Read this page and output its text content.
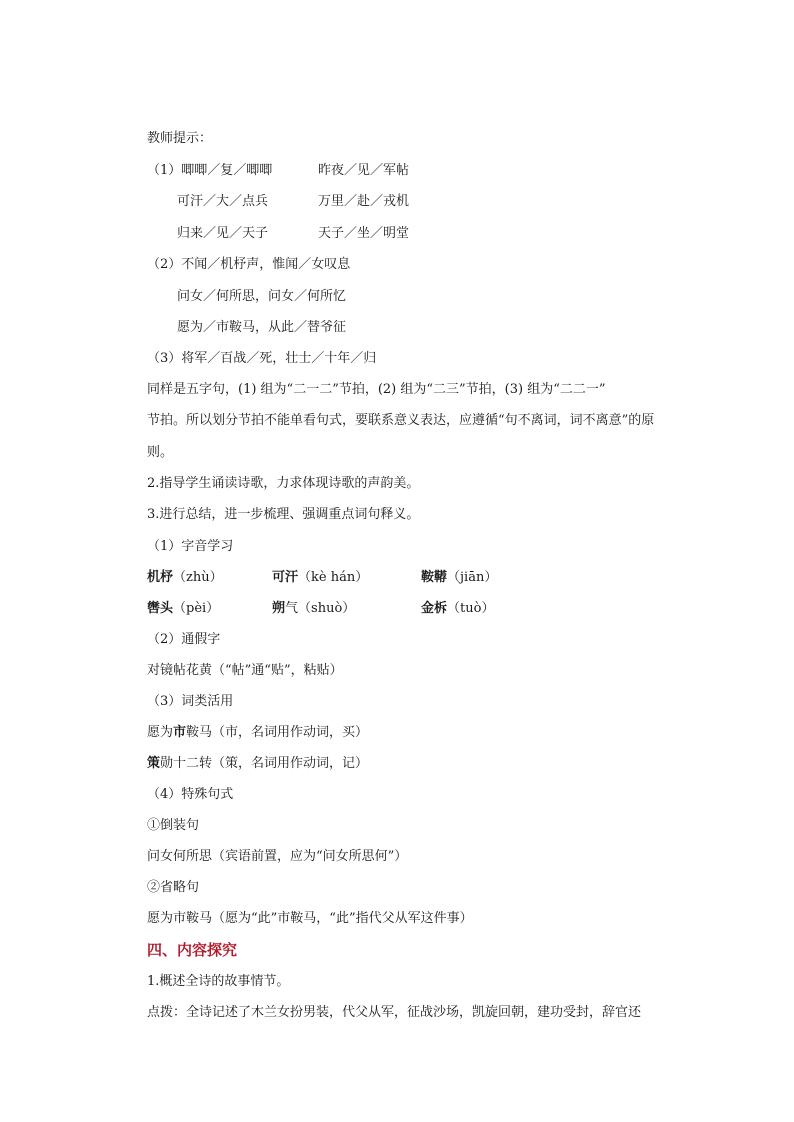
教师提示：
（1）唧唧／复／唧唧	昨夜／见／军帖
可汗／大／点兵	万里／赴／戎机
归来／见／天子	天子／坐／明堂
（2）不闻／机杼声，惟闻／女叹息
问女／何所思，问女／何所忆
愿为／市鞍马，从此／替爷征
（3）将军／百战／死，壮士／十年／归
同样是五字句，(1) 组为“二一二”节拍，(2) 组为“二三”节拍，(3) 组为“二二一”
节拍。所以划分节拍不能单看句式，要联系意义表达，应遵循“句不离词，词不离意”的原
则。
2.指导学生诵读诗歌，力求体现诗歌的声韵美。
3.进行总结，进一步梳理、强调重点词句释义。
（1）字音学习
机杼（zhù）	可汗（kè hán）	鞍鞯（jiān）
辔头（pèi）	朔气（shuò）	金柝（tuò）
（2）通假字
对镜帖花黄（“帖”通“贴”，粘贴）
（3）词类活用
愿为市鞍马（市，名词用作动词，买）
策勋十二转（策，名词用作动词，记）
（4）特殊句式
①倒装句
问女何所思（宾语前置，应为“问女所思何”）
②省略句
愿为市鞍马（愿为“此”市鞍马，“此”指代父从军这件事）
四、内容探究
1.概述全诗的故事情节。
点拨：全诗记述了木兰女扮男装，代父从军，征战沙场，凯旋回朝，建功受封，辞官还
